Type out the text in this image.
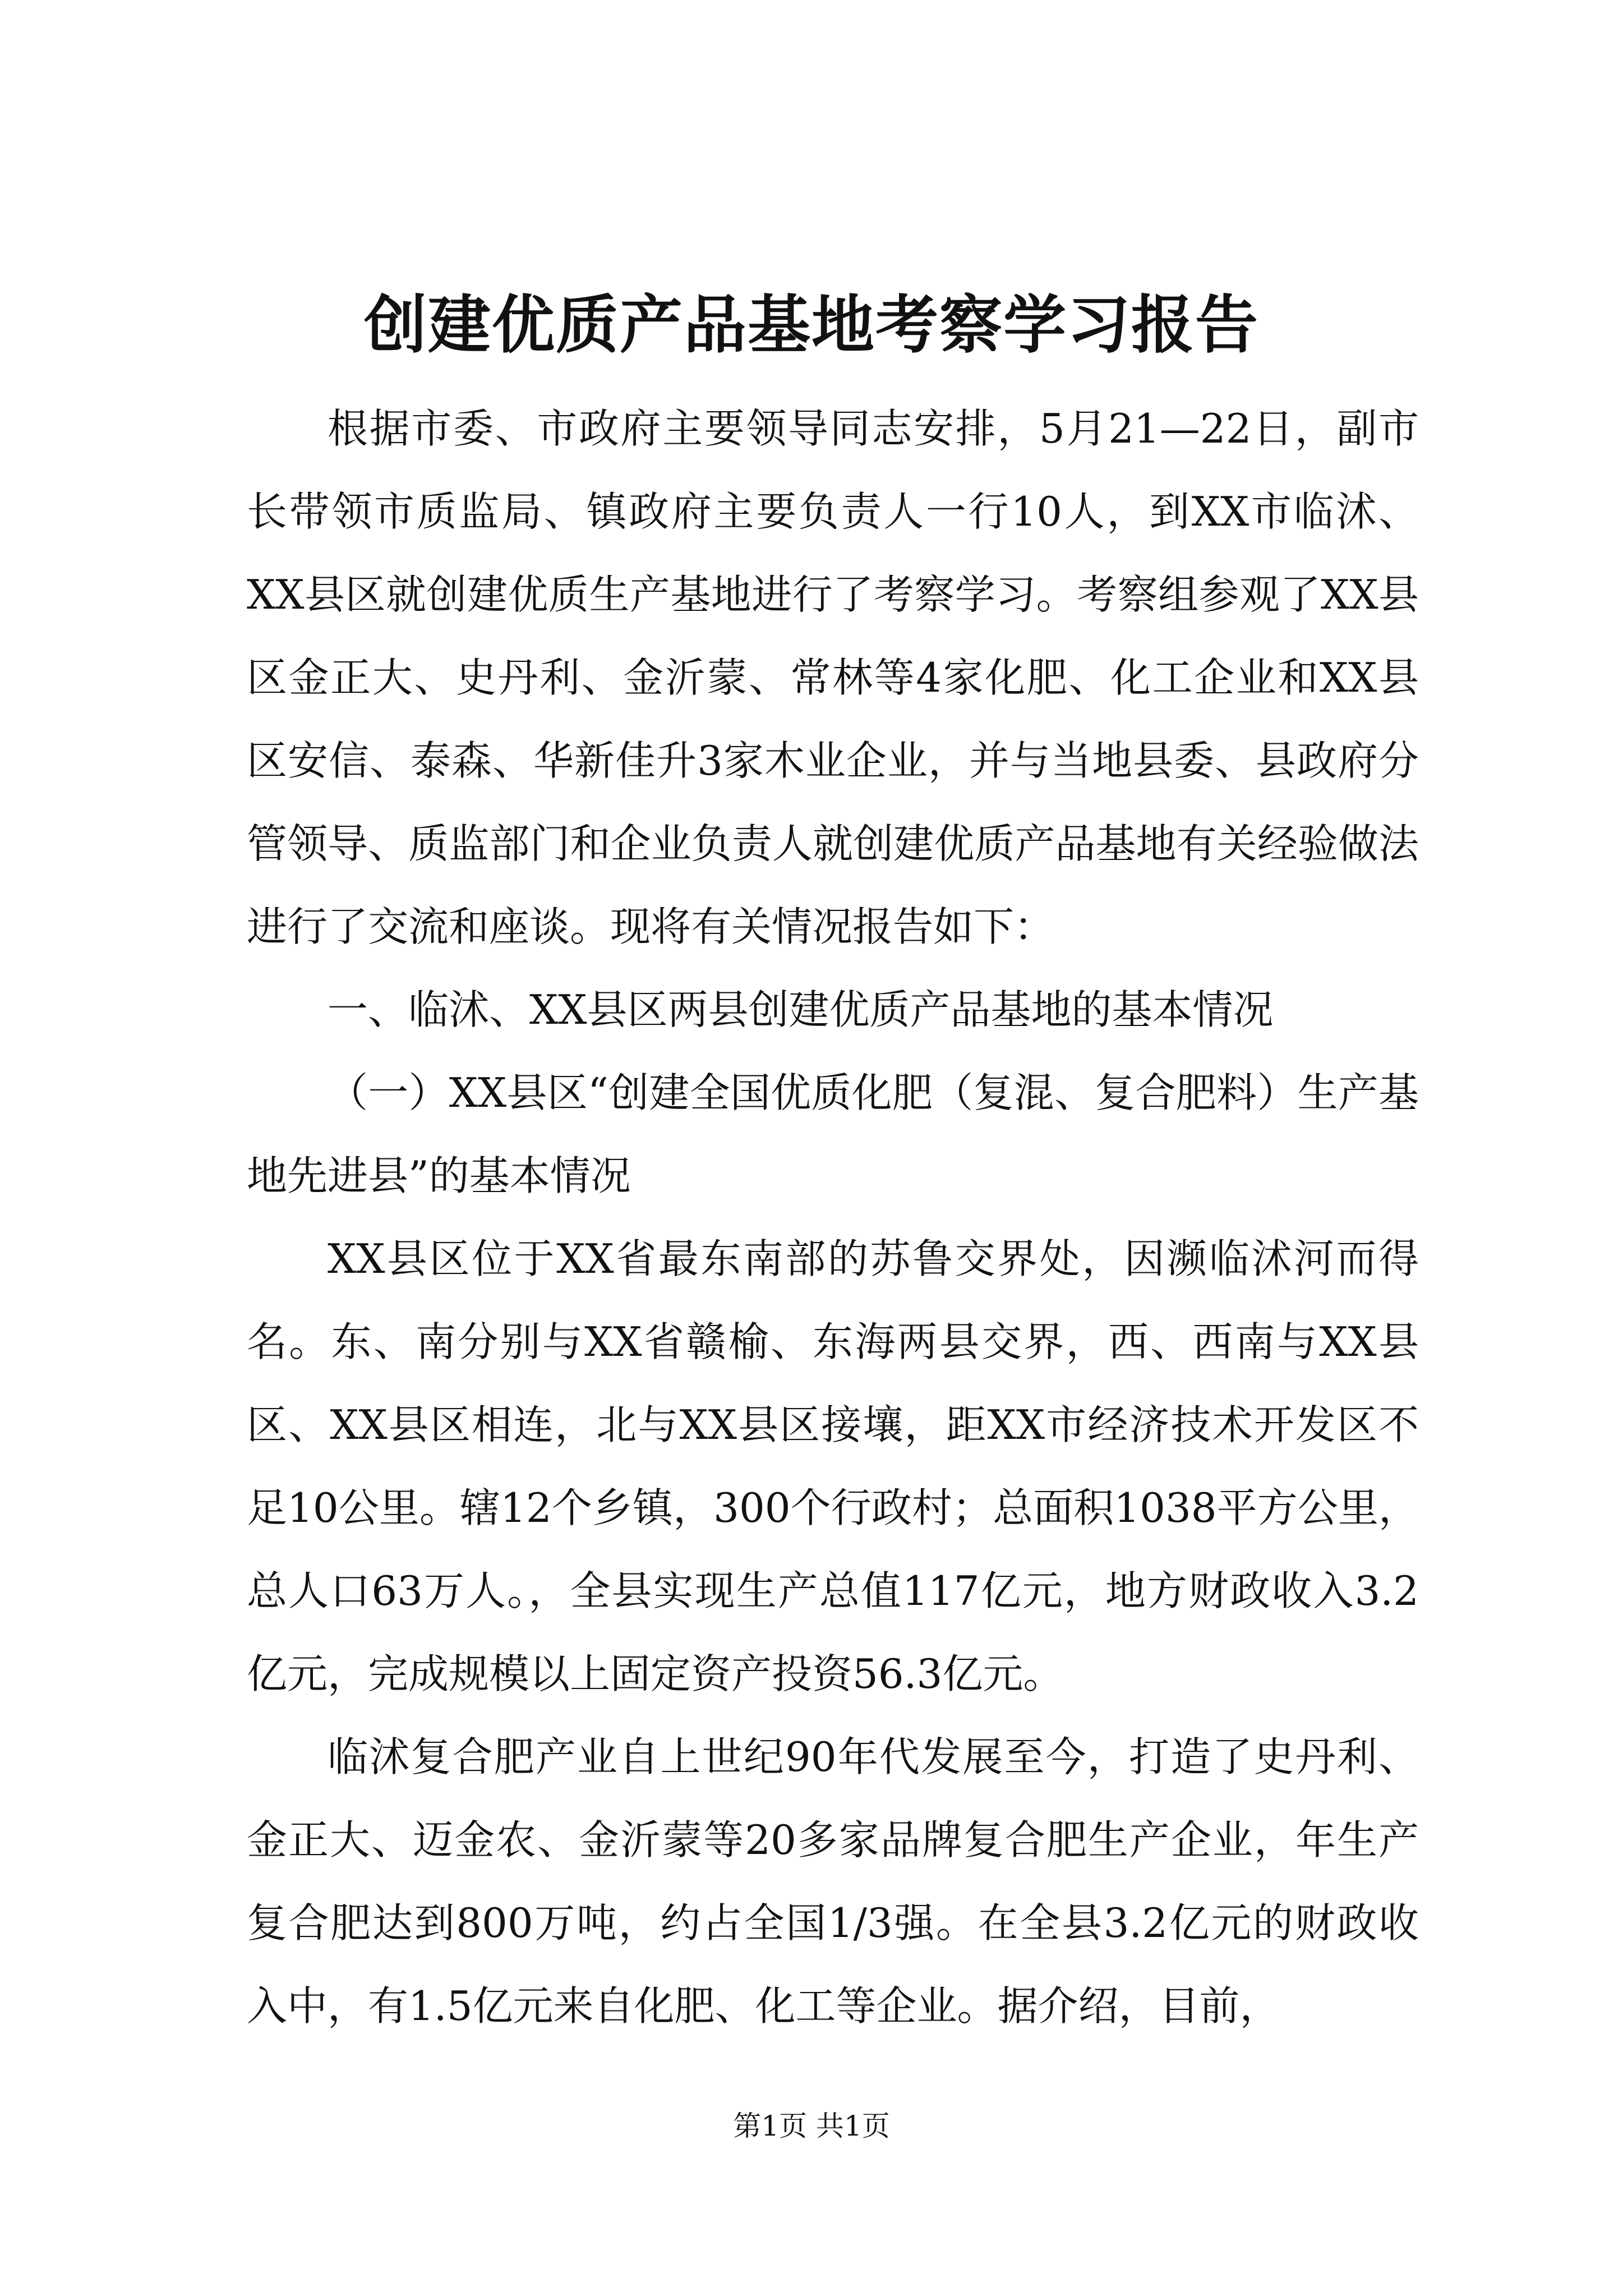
创建优质产品基地考察学习报告

根据市委、市政府主要领导同志安排，5月21—22日，副市长带领市质监局、镇政府主要负责人一行10人，到XX市临沭、XX县区就创建优质生产基地进行了考察学习。考察组参观了XX县区金正大、史丹利、金沂蒙、常林等4家化肥、化工企业和XX县区安信、泰森、华新佳升3家木业企业，并与当地县委、县政府分管领导、质监部门和企业负责人就创建优质产品基地有关经验做法进行了交流和座谈。现将有关情况报告如下：

一、临沭、XX县区两县创建优质产品基地的基本情况

（一）XX县区“创建全国优质化肥（复混、复合肥料）生产基地先进县”的基本情况

XX县区位于XX省最东南部的苏鲁交界处，因濒临沭河而得名。东、南分别与XX省赣榆、东海两县交界，西、西南与XX县区、XX县区相连，北与XX县区接壤，距XX市经济技术开发区不足10公里。辖12个乡镇，300个行政村；总面积1038平方公里，总人口63万人。，全县实现生产总值117亿元，地方财政收入3.2亿元，完成规模以上固定资产投资56.3亿元。

临沭复合肥产业自上世纪90年代发展至今，打造了史丹利、金正大、迈金农、金沂蒙等20多家品牌复合肥生产企业，年生产复合肥达到800万吨，约占全国1/3强。在全县3.2亿元的财政收入中，有1.5亿元来自化肥、化工等企业。据介绍，目前，

第1页 共1页
